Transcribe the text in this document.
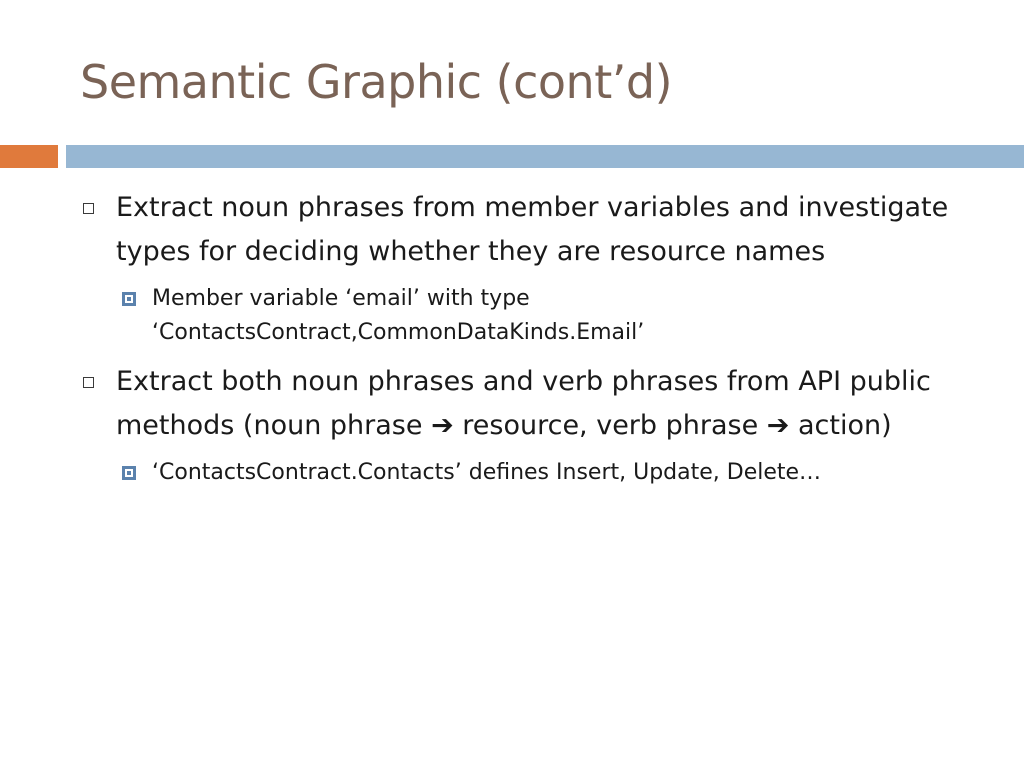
Semantic Graphic (cont’d)
Extract noun phrases from member variables and investigate types for deciding whether they are resource names
Member variable ‘email’ with type ‘ContactsContract,CommonDataKinds.Email’
Extract both noun phrases and verb phrases from API public methods (noun phrase ➔ resource, verb phrase ➔ action)
‘ContactsContract.Contacts’ defines Insert, Update, Delete…
